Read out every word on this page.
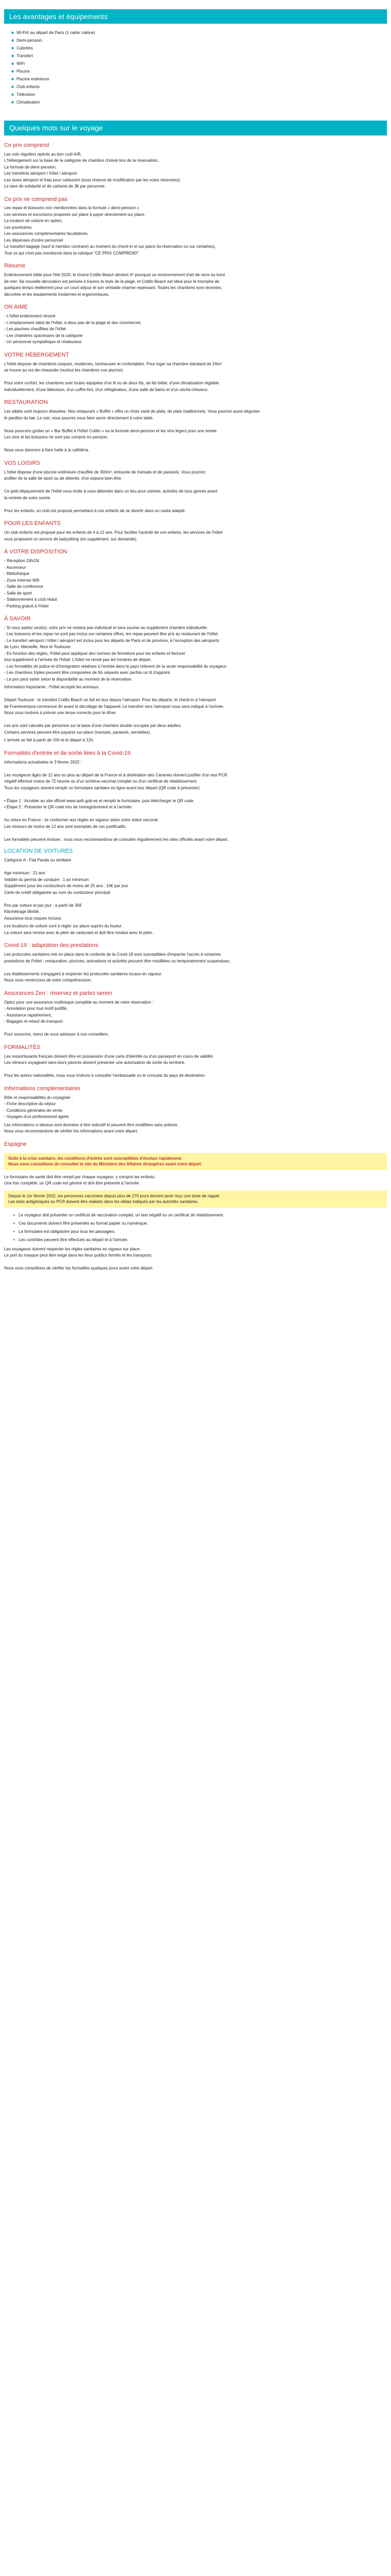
Les avantages et équipements
■ Wi-Fi® au départ de Paris (1 carte/ cabine)
■ Demi-pension
■ Cabotins
■ Transfert
■ WiFi
■ Piscine
■ Piscine extérieure
■ Club enfants
■ Télévision
■ Climatisation
Quelques mots sur le voyage
Ce prix comprend

Les vols réguliers opérés au bon coût A/R,

L'hébergement sur la base de la catégorie de chambre choisie lors de la réservation,

La formule de demi-pension,

Les transferts aéroport / hôtel / aéroport

Les taxes aéroport et frais pour carburant (sous réserve de modification par les voies réservées),

Le taxe de solidarité et de carbone de 3€ par personne.

Ce prix ne comprend pas

Les repas et boissons non mentionnées dans la formule « demi-pension »

Les services et excursions proposés sur place à payer directement sur place,

La location de voiture en option,

Les pourboires,

Les assurances complémentaires facultatives,

Les dépenses d'ordre personnel

Le transfert bagage (sauf si mention contraire) au moment du check-in et sur place (la réservation ou sur certaines),

Tout ce qui n'est pas mentionné dans la rubrique "CE PRIX COMPREND".

Résumé

Extérieurement bâtie pour l'été 2020, le Grand Cotillo Beach devient 4* pourquoi un environnement d'art de vivre au bord

de mer. Sa nouvelle décoration est pensée à travers le style de la plage, et Cotillo Beach est idéal pour le triomphe de

quelques temps réellement pour un court séjour et son véritable charme repensant. Toutes les chambres sont récentes,

décorées et les équipements modernes et ergonomiques.

ON AIME

- L'hôtel entièrement rénové

- L'emplacement idéal de l'hôtel, à deux pas de la plage et des commerces

- Les piscines chauffées de l'hôtel

- Les chambres spacieuses de la catégorie

- Un personnel sympathique et chaleureux

VOTRE HÉBERGEMENT

L'hôtel dispose de chambres uniques, modernes, lumineuses et confortables. Pour loger sa chambre standard de 24m²

se trouve au rez-de-chaussée (surtout les chambres vue piscine).

Pour votre confort, les chambres sont toutes équipées d'un lit ou de deux lits, de lits bébé, d'une climatisation réglable

individuellement, d'une télévision, d'un coffre-fort, d'un réfrigérateur, d'une salle de bains et d'un sèche-cheveux.

RESTAURATION

Les tables sont toujours dressées. Nos restaurant « Buffet » offre un choix varié de plats, de plats traditionnels. Vous pourrez aussi déguster

le pavillon du bar. Le soir, vous pourrez vous faire servir directement à votre table.

Nous pourrons goûter un « Bar Buffet à l'hôtel Cotillo » ou la formule demi-pension et les vins légers pour une soirée.

Les vins et les boissons ne sont pas compris en pension.

Nous vous donnons à faire halte à la cafétéria.

VOS LOISIRS

L'hôtel dispose d'une piscine extérieure chauffée de 300m², entourée de transats et de parasols. Vous pourrez

profiter de la salle de sport ou de détente, d'un espace bien-être.

Ce petit dépaysement de l'hôtel vous invite à vous détendre dans un lieu pour soirées, activités de tous genres avant

la rentrée de votre soirée.

Pour les enfants, un club est proposé permettant à vos enfants de se divertir dans un cadre adapté.

POUR LES ENFANTS

Un club enfants est proposé pour les enfants de 4 à 12 ans. Pour faciliter l'activité de vos enfants, les services de l'hôtel

vous proposent un service de babysitting (en supplément, sur demande).

À VOTRE DISPOSITION

- Réception 24h/24

- Ascenseur

- Bibliothèque

- Zone Internet Wifi

- Salle de conférence

- Salle de sport

- Stationnement à coût réduit

- Parking gratuit à l'hôtel

À SAVOIR

- Si vous partez seul(e), votre prix ne restera pas individuel et sera soumis au supplément chambre individuelle.

- Les boissons et les repas ne sont pas inclus sur certaines offres, les repas peuvent être pris au restaurant de l'hôtel.

- Le transfert aéroport / hôtel / aéroport est inclus pour les départs de Paris et de province, à l'exception des aéroports

de Lyon, Marseille, Nice et Toulouse.

- En fonction des règles, l'hôtel peut appliquer des normes de fermeture pour les enfants et facturer

tout supplément à l'arrivée de l'hôtel. L'hôtel ne remet pas les horaires de départ.

- Les formalités de police et d'immigration relatives à l'entrée dans le pays relèvent de la seule responsabilité du voyageur.

- Les chambres triples peuvent être composées de lits séparés avec parfois un lit d'appoint.

- Le prix peut varier selon la disponibilité au moment de la réservation.

Information importante : l'hôtel accepte les animaux.

Départ Toulouse : le transfert Cotillo Beach se fait en bus depuis l'aéroport. Pour les départs, le check-in à l'aéroport

de Fuerteventura commence 4h avant le décollage de l'appareil. Le transfert vers l'aéroport vous sera indiqué à l'arrivée.

Nous vous invitons à prévoir une tenue correcte pour le dîner.

Les prix sont calculés par personne sur la base d'une chambre double occupée par deux adultes.

Certains services peuvent être payants sur place (transats, parasols, serviettes).

L'arrivée se fait à partir de 15h et le départ à 12h.

Formalités d'entrée et de sortie liées à la Covid-19

Informations actualisées le 3 février 2022 :

Les voyageurs âgés de 12 ans ou plus au départ de la France et à destination des Canaries doivent justifier d'un test PCR

négatif effectué moins de 72 heures ou d'un schéma vaccinal complet ou d'un certificat de rétablissement.

Tous les voyageurs doivent remplir un formulaire sanitaire en ligne avant leur départ (QR code à présenter).

• Étape 1 : Accéder au site officiel www.spth.gob.es et remplir le formulaire, puis télécharger le QR code.

• Étape 2 : Présenter le QR code lors de l'enregistrement et à l'arrivée.

Au retour en France : se conformer aux règles en vigueur selon votre statut vaccinal.

Les mineurs de moins de 12 ans sont exemptés de ces justificatifs.

Les formalités peuvent évoluer ; nous vous recommandons de consulter régulièrement les sites officiels avant votre départ.

LOCATION DE VOITURES

Catégorie A - Fiat Panda ou similaire

Age minimum : 21 ans

Validité du permis de conduire : 1 an minimum

Supplément pour les conducteurs de moins de 25 ans : 10€ par jour

Carte de crédit obligatoire au nom du conducteur principal

Prix par voiture et par jour : à partir de 35€

Kilométrage illimité.

Assurance tous risques incluse.

Les locations de voiture sont à régler sur place auprès du loueur.

La voiture sera remise avec le plein de carburant et doit être rendue avec le plein.

Covid-19 : adaptation des prestations

Les protocoles sanitaires mis en place dans le contexte de la Covid-19 sont susceptibles d'impacter l'accès à certaines

prestations de l'hôtel : restauration, piscines, animations et activités peuvent être modifiées ou temporairement suspendues.

Les établissements s'engagent à respecter les protocoles sanitaires locaux en vigueur.

Nous vous remercions de votre compréhension.

Assurances Zen : réservez et partez serein

Optez pour une assurance multirisque complète au moment de votre réservation :

- Annulation pour tout motif justifié,

- Assistance rapatriement,

- Bagages et retard de transport.

Pour souscrire, merci de vous adresser à nos conseillers.

FORMALITÉS

Les ressortissants français doivent être en possession d'une carte d'identité ou d'un passeport en cours de validité.

Les mineurs voyageant sans leurs parents doivent présenter une autorisation de sortie du territoire.

Pour les autres nationalités, nous vous invitons à consulter l'ambassade ou le consulat du pays de destination.

Informations complémentaires

Rôle et responsabilités du voyagiste :

- Fiche descriptive du séjour

- Conditions générales de vente

- Voyages d'un professionnel agréé

Les informations ci-dessus sont données à titre indicatif et peuvent être modifiées sans préavis.

Nous vous recommandons de vérifier les informations avant votre départ.

Espagne

Suite à la crise sanitaire, les conditions d'entrée sont susceptibles d'évoluer rapidement.

Nous vous conseillons de consulter le site du Ministère des Affaires étrangères avant votre départ.

Le formulaire de santé doit être rempli par chaque voyageur, y compris les enfants.

Une fois complété, un QR code est généré et doit être présenté à l'arrivée.

Depuis le 1er février 2022, les personnes vaccinées depuis plus de 270 jours doivent avoir reçu une dose de rappel.

Les tests antigéniques ou PCR doivent être réalisés dans les délais indiqués par les autorités sanitaires.

• Le voyageur doit présenter un certificat de vaccination complet, un test négatif ou un certificat de rétablissement.
• Ces documents doivent être présentés au format papier ou numérique.
• Le formulaire est obligatoire pour tous les passagers.
• Les contrôles peuvent être effectués au départ et à l'arrivée.

Les voyageurs doivent respecter les règles sanitaires en vigueur sur place.

Le port du masque peut être exigé dans les lieux publics fermés et les transports.

Nous vous conseillons de vérifier les formalités quelques jours avant votre départ.
